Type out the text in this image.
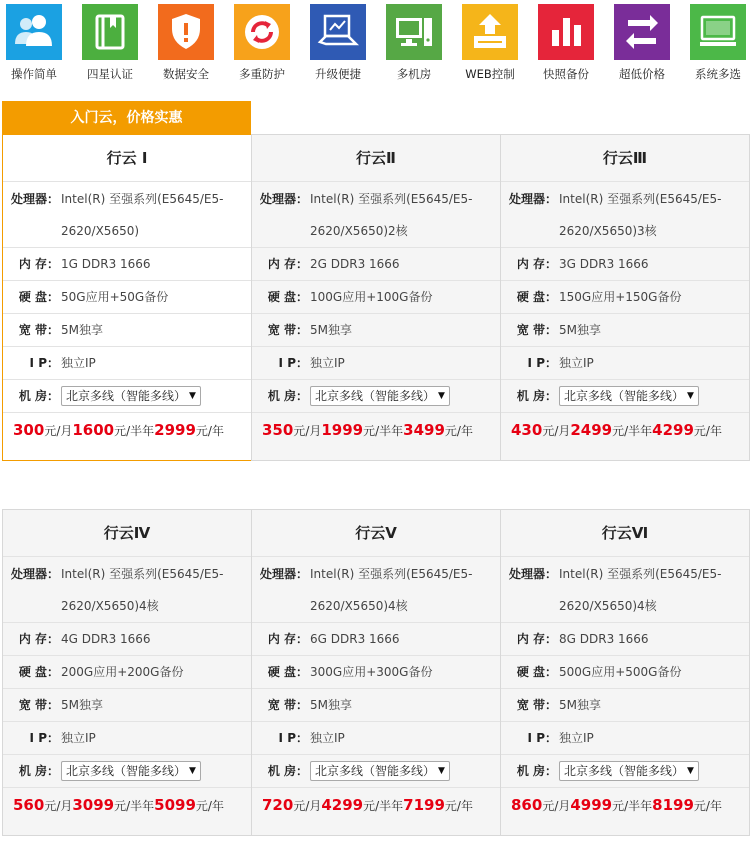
操作简单	四星认证	数据安全	多重防护	升级便捷	多机房	WEB控制	快照备份	超低价格	系统多选
入门云，价格实惠
行云 I
处理器： Intel(R) 至强系列(E5645/E5-2620/X5650)
内 存： 1G DDR3 1666
硬 盘： 50G应用+50G备份
宽 带： 5M独享
I P： 独立IP
机 房： 北京多线（智能多线） ▼
300元/月1600元/半年2999元/年
行云Ⅱ
处理器： Intel(R) 至强系列(E5645/E5-2620/X5650)2核
内 存： 2G DDR3 1666
硬 盘： 100G应用+100G备份
宽 带： 5M独享
I P： 独立IP
机 房： 北京多线（智能多线） ▼
350元/月1999元/半年3499元/年
行云Ⅲ
处理器： Intel(R) 至强系列(E5645/E5-2620/X5650)3核
内 存： 3G DDR3 1666
硬 盘： 150G应用+150G备份
宽 带： 5M独享
I P： 独立IP
机 房： 北京多线（智能多线） ▼
430元/月2499元/半年4299元/年
行云Ⅳ
处理器： Intel(R) 至强系列(E5645/E5-2620/X5650)4核
内 存： 4G DDR3 1666
硬 盘： 200G应用+200G备份
宽 带： 5M独享
I P： 独立IP
机 房： 北京多线（智能多线） ▼
560元/月3099元/半年5099元/年
行云Ⅴ
处理器： Intel(R) 至强系列(E5645/E5-2620/X5650)4核
内 存： 6G DDR3 1666
硬 盘： 300G应用+300G备份
宽 带： 5M独享
I P： 独立IP
机 房： 北京多线（智能多线） ▼
720元/月4299元/半年7199元/年
行云Ⅵ
处理器： Intel(R) 至强系列(E5645/E5-2620/X5650)4核
内 存： 8G DDR3 1666
硬 盘： 500G应用+500G备份
宽 带： 5M独享
I P： 独立IP
机 房： 北京多线（智能多线） ▼
860元/月4999元/半年8199元/年
